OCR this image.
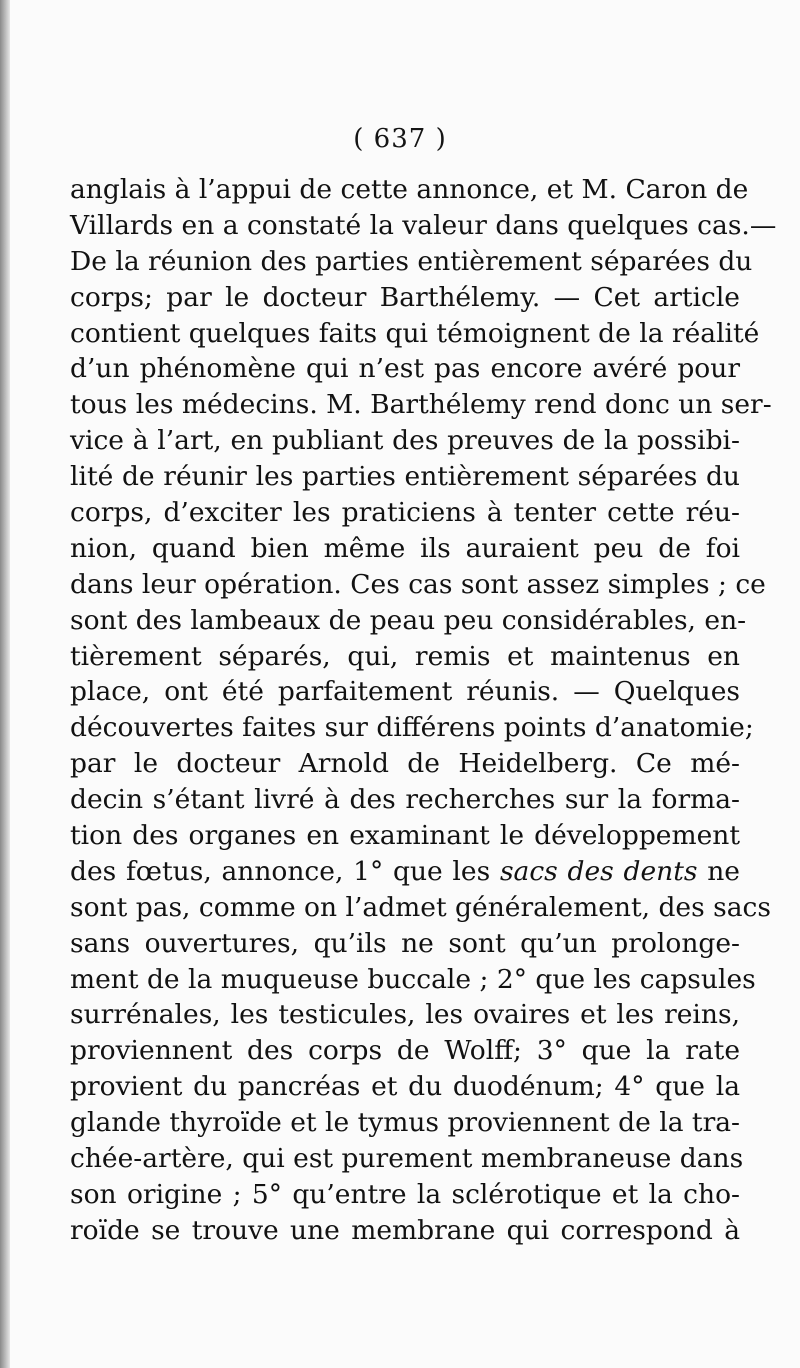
( 637 )
anglais à l’appui de cette annonce, et M. Caron de
Villards en a constaté la valeur dans quelques cas.—
De la réunion des parties entièrement séparées du
corps; par le docteur Barthélemy. — Cet article
contient quelques faits qui témoignent de la réalité
d’un phénomène qui n’est pas encore avéré pour
tous les médecins. M. Barthélemy rend donc un ser-
vice à l’art, en publiant des preuves de la possibi-
lité de réunir les parties entièrement séparées du
corps, d’exciter les praticiens à tenter cette réu-
nion, quand bien même ils auraient peu de foi
dans leur opération. Ces cas sont assez simples ; ce
sont des lambeaux de peau peu considérables, en-
tièrement séparés, qui, remis et maintenus en
place, ont été parfaitement réunis. — Quelques
découvertes faites sur différens points d’anatomie;
par le docteur Arnold de Heidelberg. Ce mé-
decin s’étant livré à des recherches sur la forma-
tion des organes en examinant le développement
des fœtus, annonce, 1° que les sacs des dents ne
sont pas, comme on l’admet généralement, des sacs
sans ouvertures, qu’ils ne sont qu’un prolonge-
ment de la muqueuse buccale ; 2° que les capsules
surrénales, les testicules, les ovaires et les reins,
proviennent des corps de Wolff; 3° que la rate
provient du pancréas et du duodénum; 4° que la
glande thyroïde et le tymus proviennent de la tra-
chée-artère, qui est purement membraneuse dans
son origine ; 5° qu’entre la sclérotique et la cho-
roïde se trouve une membrane qui correspond à
